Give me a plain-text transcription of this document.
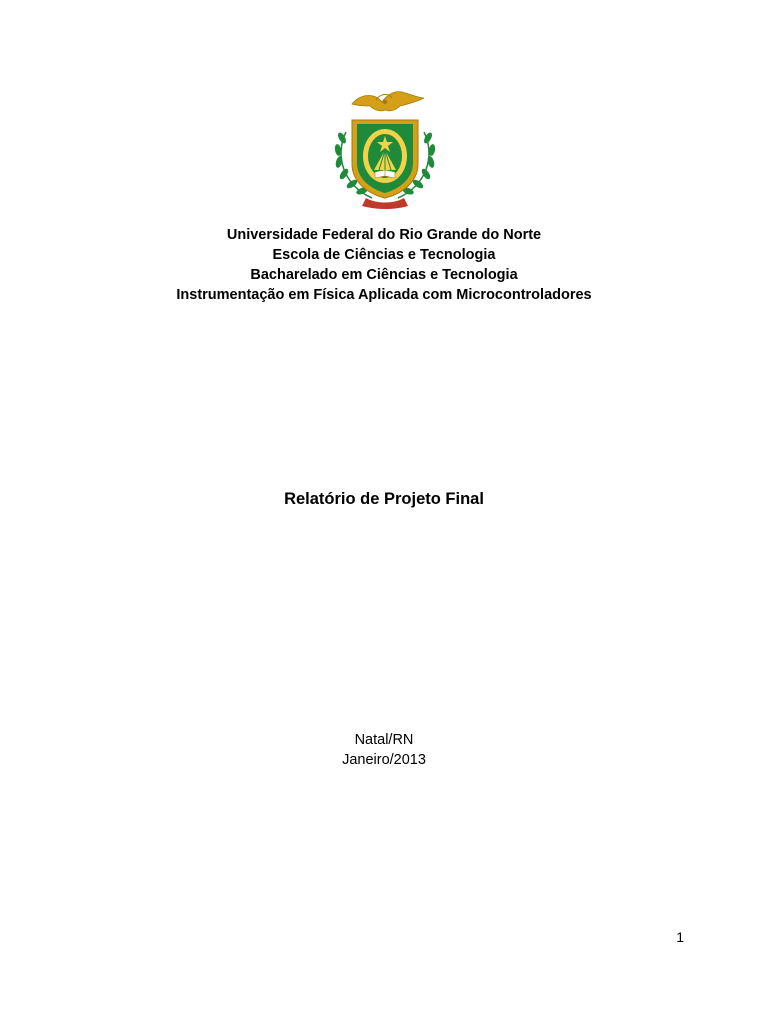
Universidade Federal do Rio Grande do Norte
Escola de Ciências e Tecnologia
Bacharelado em Ciências e Tecnologia
Instrumentação em Física Aplicada com Microcontroladores
Relatório de Projeto Final
Natal/RN
Janeiro/2013
1
